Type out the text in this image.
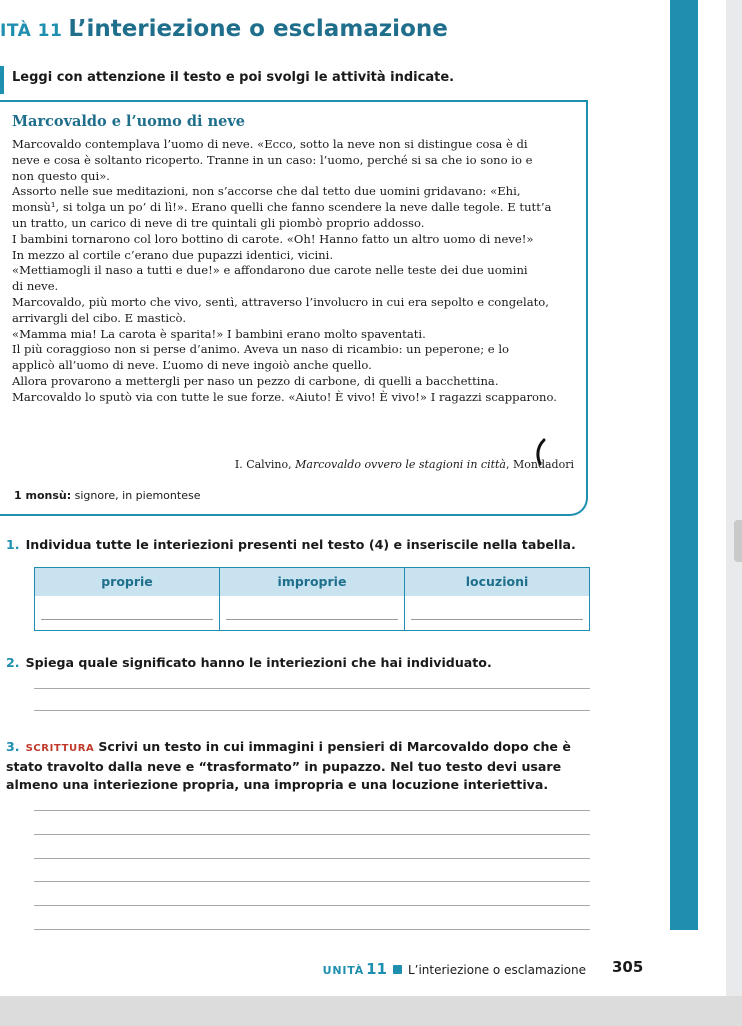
ITÀ 11 L’interiezione o esclamazione
Leggi con attenzione il testo e poi svolgi le attività indicate.
Marcovaldo e l’uomo di neve
Marcovaldo contemplava l’uomo di neve. «Ecco, sotto la neve non si distingue cosa è di
neve e cosa è soltanto ricoperto. Tranne in un caso: l’uomo, perché si sa che io sono io e
non questo qui».
Assorto nelle sue meditazioni, non s’accorse che dal tetto due uomini gridavano: «Ehi,
monsù¹, si tolga un po’ di lì!». Erano quelli che fanno scendere la neve dalle tegole. E tutt’a
un tratto, un carico di neve di tre quintali gli piombò proprio addosso.
I bambini tornarono col loro bottino di carote. «Oh! Hanno fatto un altro uomo di neve!»
In mezzo al cortile c’erano due pupazzi identici, vicini.
«Mettiamogli il naso a tutti e due!» e affondarono due carote nelle teste dei due uomini
di neve.
Marcovaldo, più morto che vivo, sentì, attraverso l’involucro in cui era sepolto e congelato,
arrivargli del cibo. E masticò.
«Mamma mia! La carota è sparita!» I bambini erano molto spaventati.
Il più coraggioso non si perse d’animo. Aveva un naso di ricambio: un peperone; e lo
applicò all’uomo di neve. L’uomo di neve ingoiò anche quello.
Allora provarono a mettergli per naso un pezzo di carbone, di quelli a bacchettina.
Marcovaldo lo sputò via con tutte le sue forze. «Aiuto! È vivo! È vivo!» I ragazzi scapparono.
I. Calvino, Marcovaldo ovvero le stagioni in città, Mondadori
1 monsù: signore, in piemontese
1. Individua tutte le interiezioni presenti nel testo (4) e inseriscile nella tabella.
proprie	improprie	locuzioni
2. Spiega quale significato hanno le interiezioni che hai individuato.
3. SCRITTURA Scrivi un testo in cui immagini i pensieri di Marcovaldo dopo che è stato travolto dalla neve e “trasformato” in pupazzo. Nel tuo testo devi usare almeno una interiezione propria, una impropria e una locuzione interiettiva.
UNITÀ 11 L’interiezione o esclamazione 305
